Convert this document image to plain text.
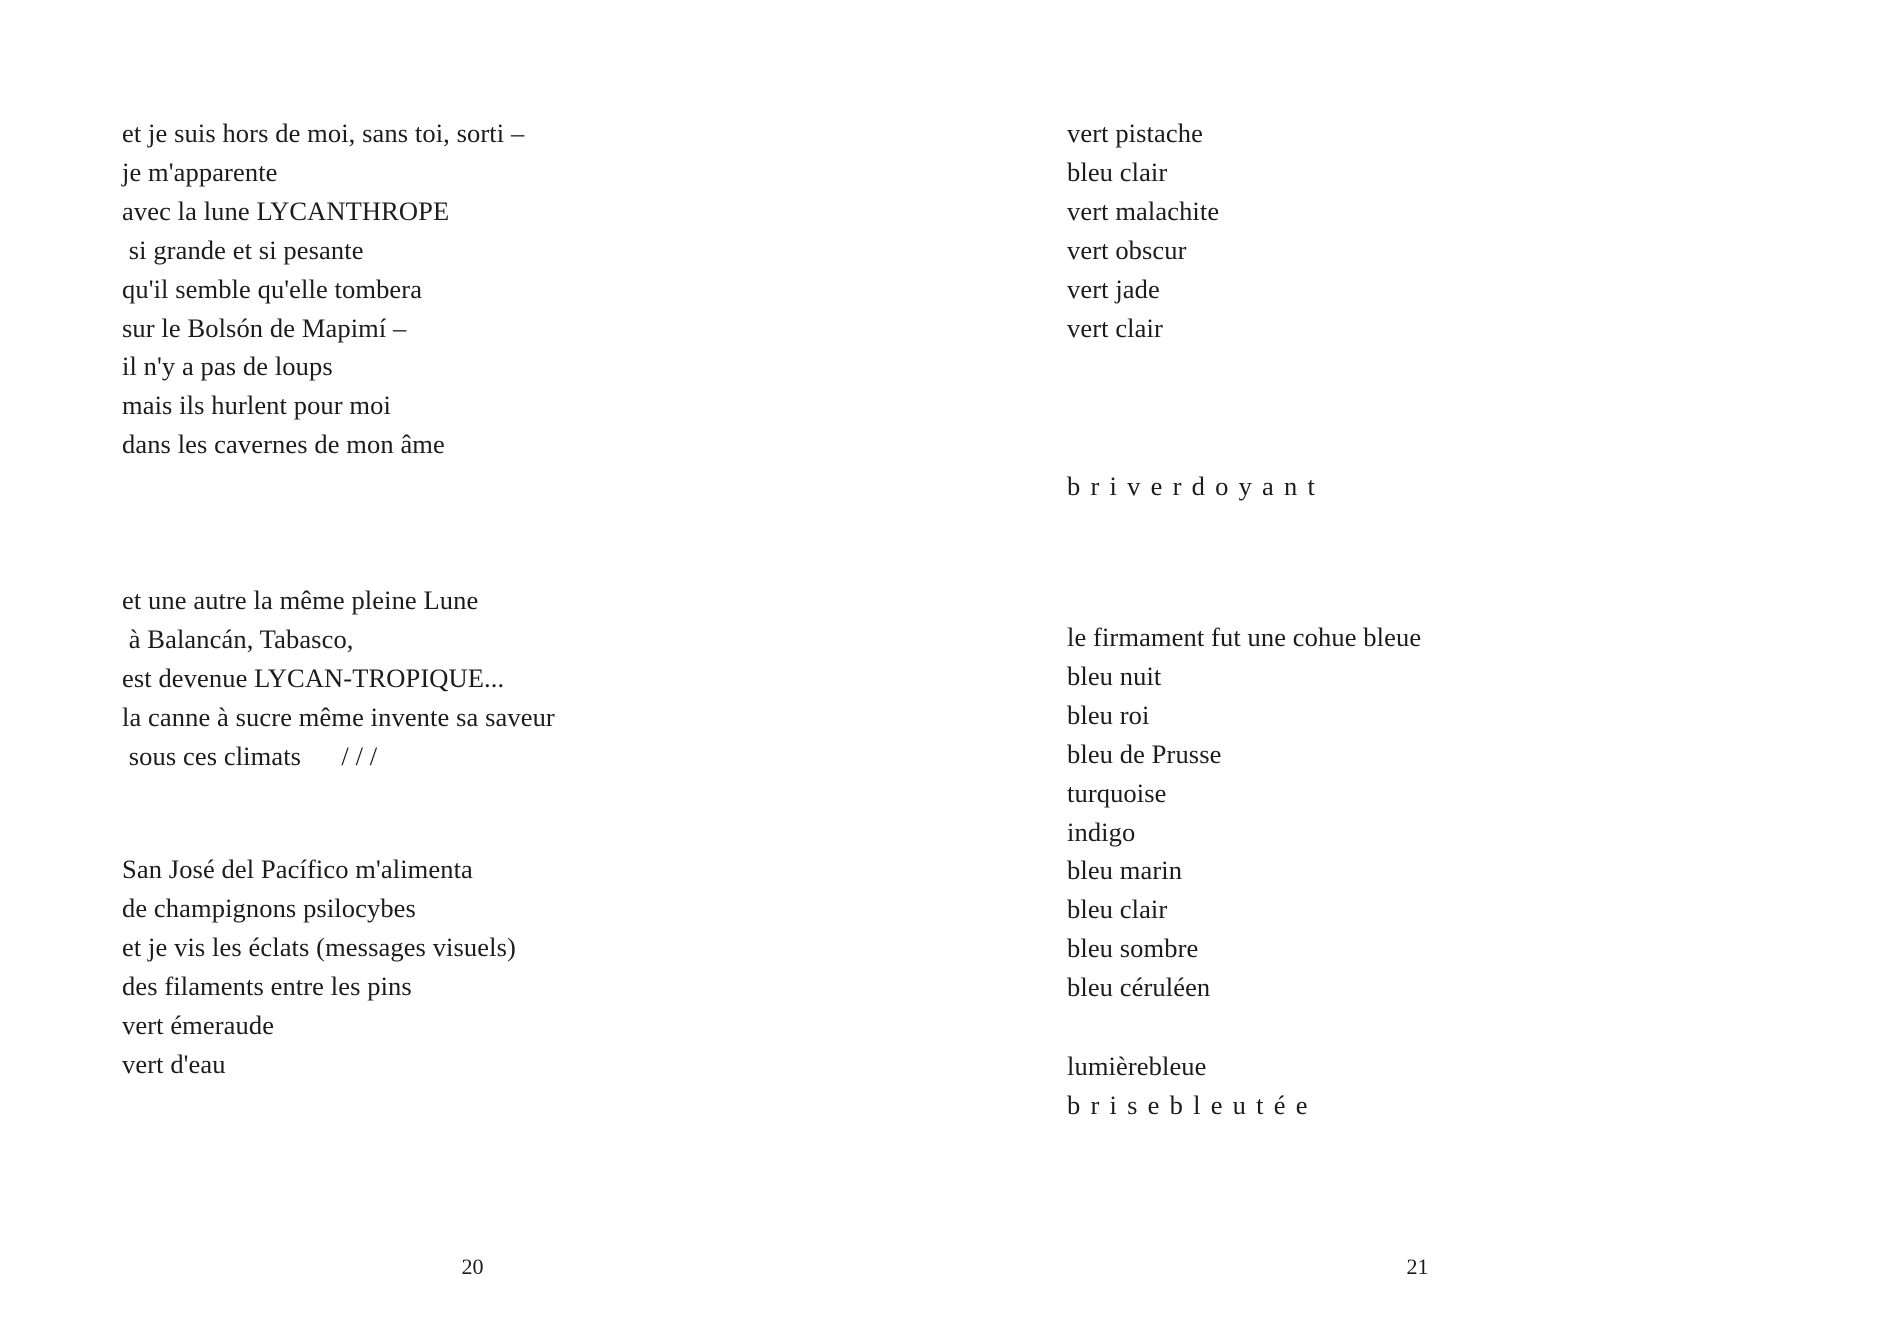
et je suis hors de moi, sans toi, sorti –
je m'apparente
avec la lune LYCANTHROPE
si grande et si pesante
qu'il semble qu'elle tombera
sur le Bolsón de Mapimí –
il n'y a pas de loups
mais ils hurlent pour moi
dans les cavernes de mon âme
et une autre la même pleine Lune
à Balancán, Tabasco,
est devenue LYCAN-TROPIQUE...
la canne à sucre même invente sa saveur
sous ces climats      / / /
San José del Pacífico m'alimenta
de champignons psilocybes
et je vis les éclats (messages visuels)
des filaments entre les pins
vert émeraude
vert d'eau
20
vert pistache
bleu clair
vert malachite
vert obscur
vert jade
vert clair
b r i v e r d o y a n t
le firmament fut une cohue bleue
bleu nuit
bleu roi
bleu de Prusse
turquoise
indigo
bleu marin
bleu clair
bleu sombre
bleu céruléen
lumièrebleue
b r i s e b l e u t é e
21
